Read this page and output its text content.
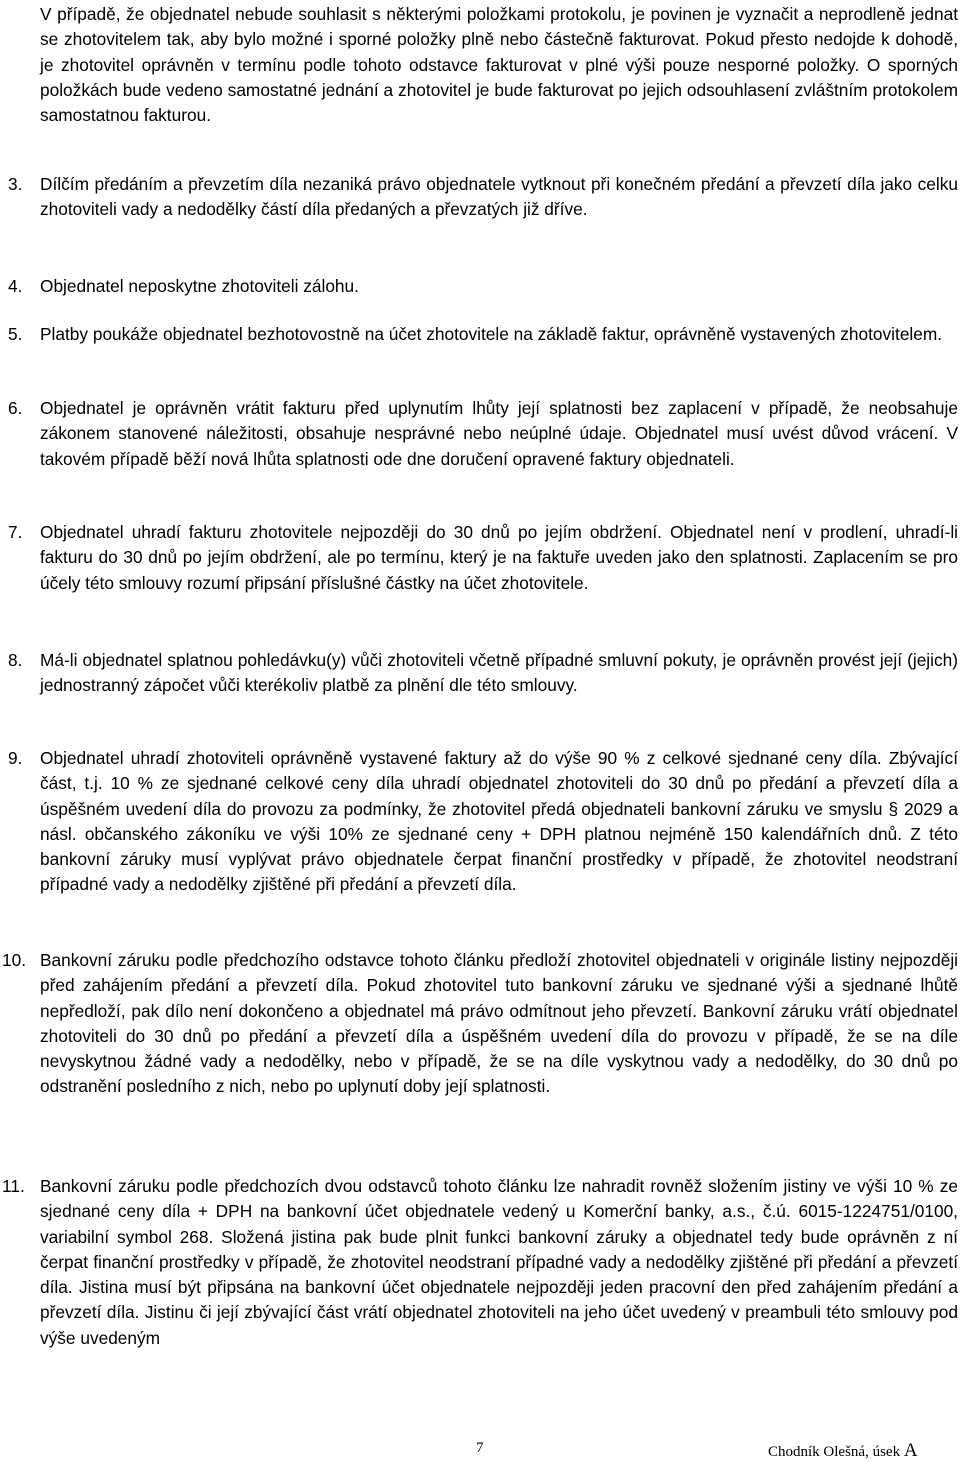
V případě, že objednatel nebude souhlasit s některými položkami protokolu, je povinen je vyznačit a neprodleně jednat se zhotovitelem tak, aby bylo možné i sporné položky plně nebo částečně fakturovat. Pokud přesto nedojde k dohodě, je zhotovitel oprávněn v termínu podle tohoto odstavce fakturovat v plné výši pouze nesporné položky. O sporných položkách bude vedeno samostatné jednání a zhotovitel je bude fakturovat po jejich odsouhlasení zvláštním protokolem samostatnou fakturou.

3. Dílčím předáním a převzetím díla nezaniká právo objednatele vytknout při konečném předání a převzetí díla jako celku zhotoviteli vady a nedodělky částí díla předaných a převzatých již dříve.
4. Objednatel neposkytne zhotoviteli zálohu.
5. Platby poukáže objednatel bezhotovostně na účet zhotovitele na základě faktur, oprávněně vystavených zhotovitelem.
6. Objednatel je oprávněn vrátit fakturu před uplynutím lhůty její splatnosti bez zaplacení v případě, že neobsahuje zákonem stanovené náležitosti, obsahuje nesprávné nebo neúplné údaje. Objednatel musí uvést důvod vrácení. V takovém případě běží nová lhůta splatnosti ode dne doručení opravené faktury objednateli.
7. Objednatel uhradí fakturu zhotovitele nejpozději do 30 dnů po jejím obdržení. Objednatel není v prodlení, uhradí-li fakturu do 30 dnů po jejím obdržení, ale po termínu, který je na faktuře uveden jako den splatnosti. Zaplacením se pro účely této smlouvy rozumí připsání příslušné částky na účet zhotovitele.
8. Má-li objednatel splatnou pohledávku(y) vůči zhotoviteli včetně případné smluvní pokuty, je oprávněn provést její (jejich) jednostranný zápočet vůči kterékoliv platbě za plnění dle této smlouvy.
9. Objednatel uhradí zhotoviteli oprávněně vystavené faktury až do výše 90 % z celkové sjednané ceny díla. Zbývající část, t.j. 10 % ze sjednané celkové ceny díla uhradí objednatel zhotoviteli do 30 dnů po předání a převzetí díla a úspěšném uvedení díla do provozu za podmínky, že zhotovitel předá objednateli bankovní záruku ve smyslu § 2029 a násl. občanského zákoníku ve výši 10% ze sjednané ceny + DPH platnou nejméně 150 kalendářních dnů. Z této bankovní záruky musí vyplývat právo objednatele čerpat finanční prostředky v případě, že zhotovitel neodstraní případné vady a nedodělky zjištěné při předání a převzetí díla.
10. Bankovní záruku podle předchozího odstavce tohoto článku předloží zhotovitel objednateli v originále listiny nejpozději před zahájením předání a převzetí díla. Pokud zhotovitel tuto bankovní záruku ve sjednané výši a sjednané lhůtě nepředloží, pak dílo není dokončeno a objednatel má právo odmítnout jeho převzetí. Bankovní záruku vrátí objednatel zhotoviteli do 30 dnů po předání a převzetí díla a úspěšném uvedení díla do provozu v případě, že se na díle nevyskytnou žádné vady a nedodělky, nebo v případě, že se na díle vyskytnou vady a nedodělky, do 30 dnů po odstranění posledního z nich, nebo po uplynutí doby její splatnosti.
11. Bankovní záruku podle předchozích dvou odstavců tohoto článku lze nahradit rovněž složením jistiny ve výši 10 % ze sjednané ceny díla + DPH na bankovní účet objednatele vedený u Komerční banky, a.s., č.ú. 6015-1224751/0100, variabilní symbol 268. Složená jistina pak bude plnit funkci bankovní záruky a objednatel tedy bude oprávněn z ní čerpat finanční prostředky v případě, že zhotovitel neodstraní případné vady a nedodělky zjištěné při předání a převzetí díla. Jistina musí být připsána na bankovní účet objednatele nejpozději jeden pracovní den před zahájením předání a převzetí díla. Jistinu či její zbývající část vrátí objednatel zhotoviteli na jeho účet uvedený v preambuli této smlouvy pod výše uvedeným
7	Chodník Olešná, úsek A
